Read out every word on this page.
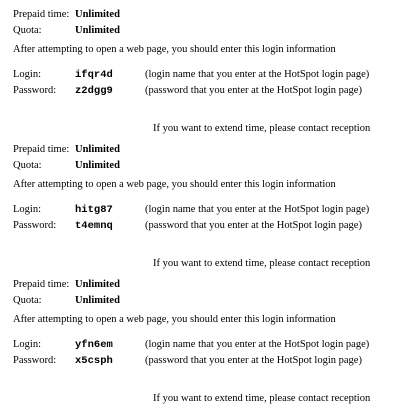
Prepaid time: Unlimited
Quota:	Unlimited
After attempting to open a web page, you should enter this login information
Login:	ifqr4d	(login name that you enter at the HotSpot login page)
Password: z2dgg9	(password that you enter at the HotSpot login page)
If you want to extend time, please contact reception
Prepaid time: Unlimited
Quota:	Unlimited
After attempting to open a web page, you should enter this login information
Login:	hitg87	(login name that you enter at the HotSpot login page)
Password: t4emnq	(password that you enter at the HotSpot login page)
If you want to extend time, please contact reception
Prepaid time: Unlimited
Quota:	Unlimited
After attempting to open a web page, you should enter this login information
Login:	yfn6em	(login name that you enter at the HotSpot login page)
Password: x5csph	(password that you enter at the HotSpot login page)
If you want to extend time, please contact reception
